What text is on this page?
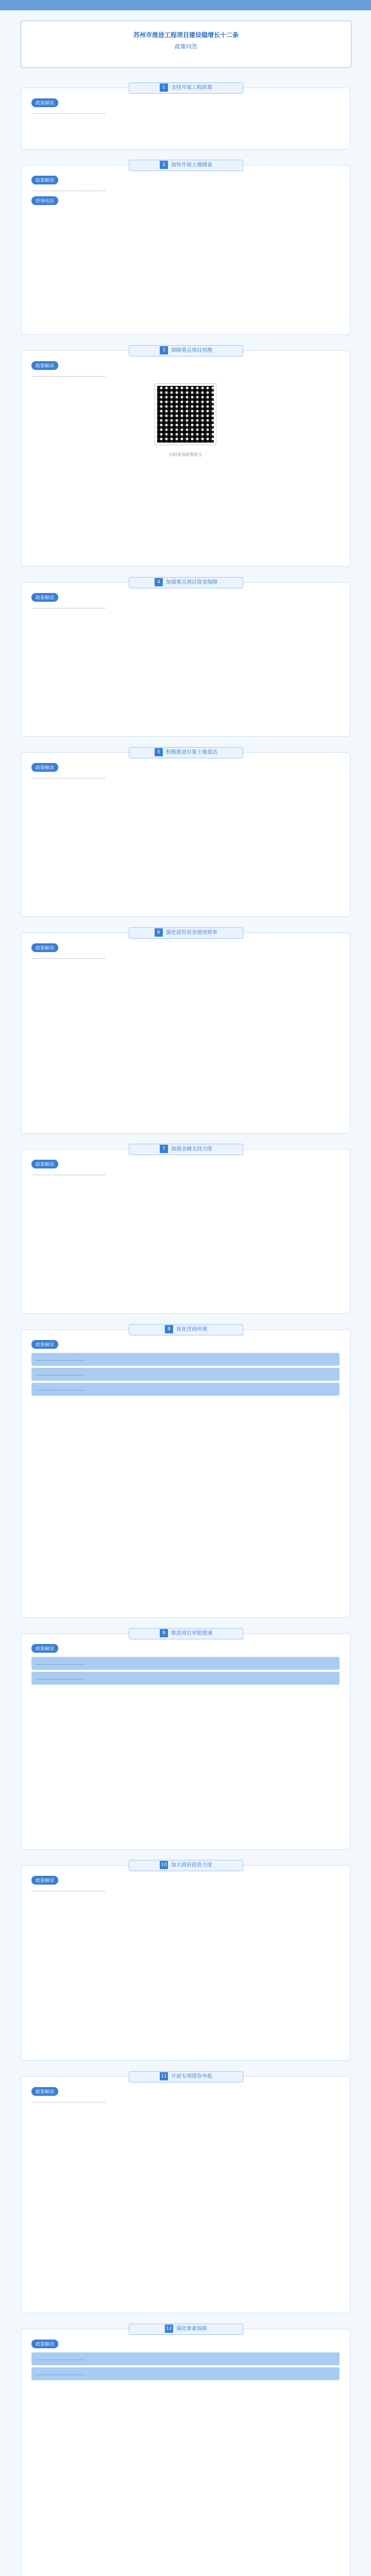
苏州市推进工程项目建设稳增长十二条
政策问答
政策解读
………………………………………………
1 支持开展工程政策
政策解读
………………………………………………
咨询电话
2 加快开展土地储备
政策解读
………………………………………………
扫码查看政策原文
3 保障重点项目用地
政策解读
………………………………………………
4 加强重点项目资金保障
政策解读
………………………………………………
5 积极推进存量土地盘活
政策解读
………………………………………………
6 强化债券资金使用效率
政策解读
………………………………………………
7 加强金融支持力度
政策解读
………………………………
………………………………
………………………………
8 优化营商环境
政策解读
………………………………
………………………………
9 推进项目审批提速
政策解读
………………………………………………
10 加大政府投资力度
政策解读
………………………………………………
11 开展专项债券申报
政策解读
………………………………
………………………………
12 强化要素保障
